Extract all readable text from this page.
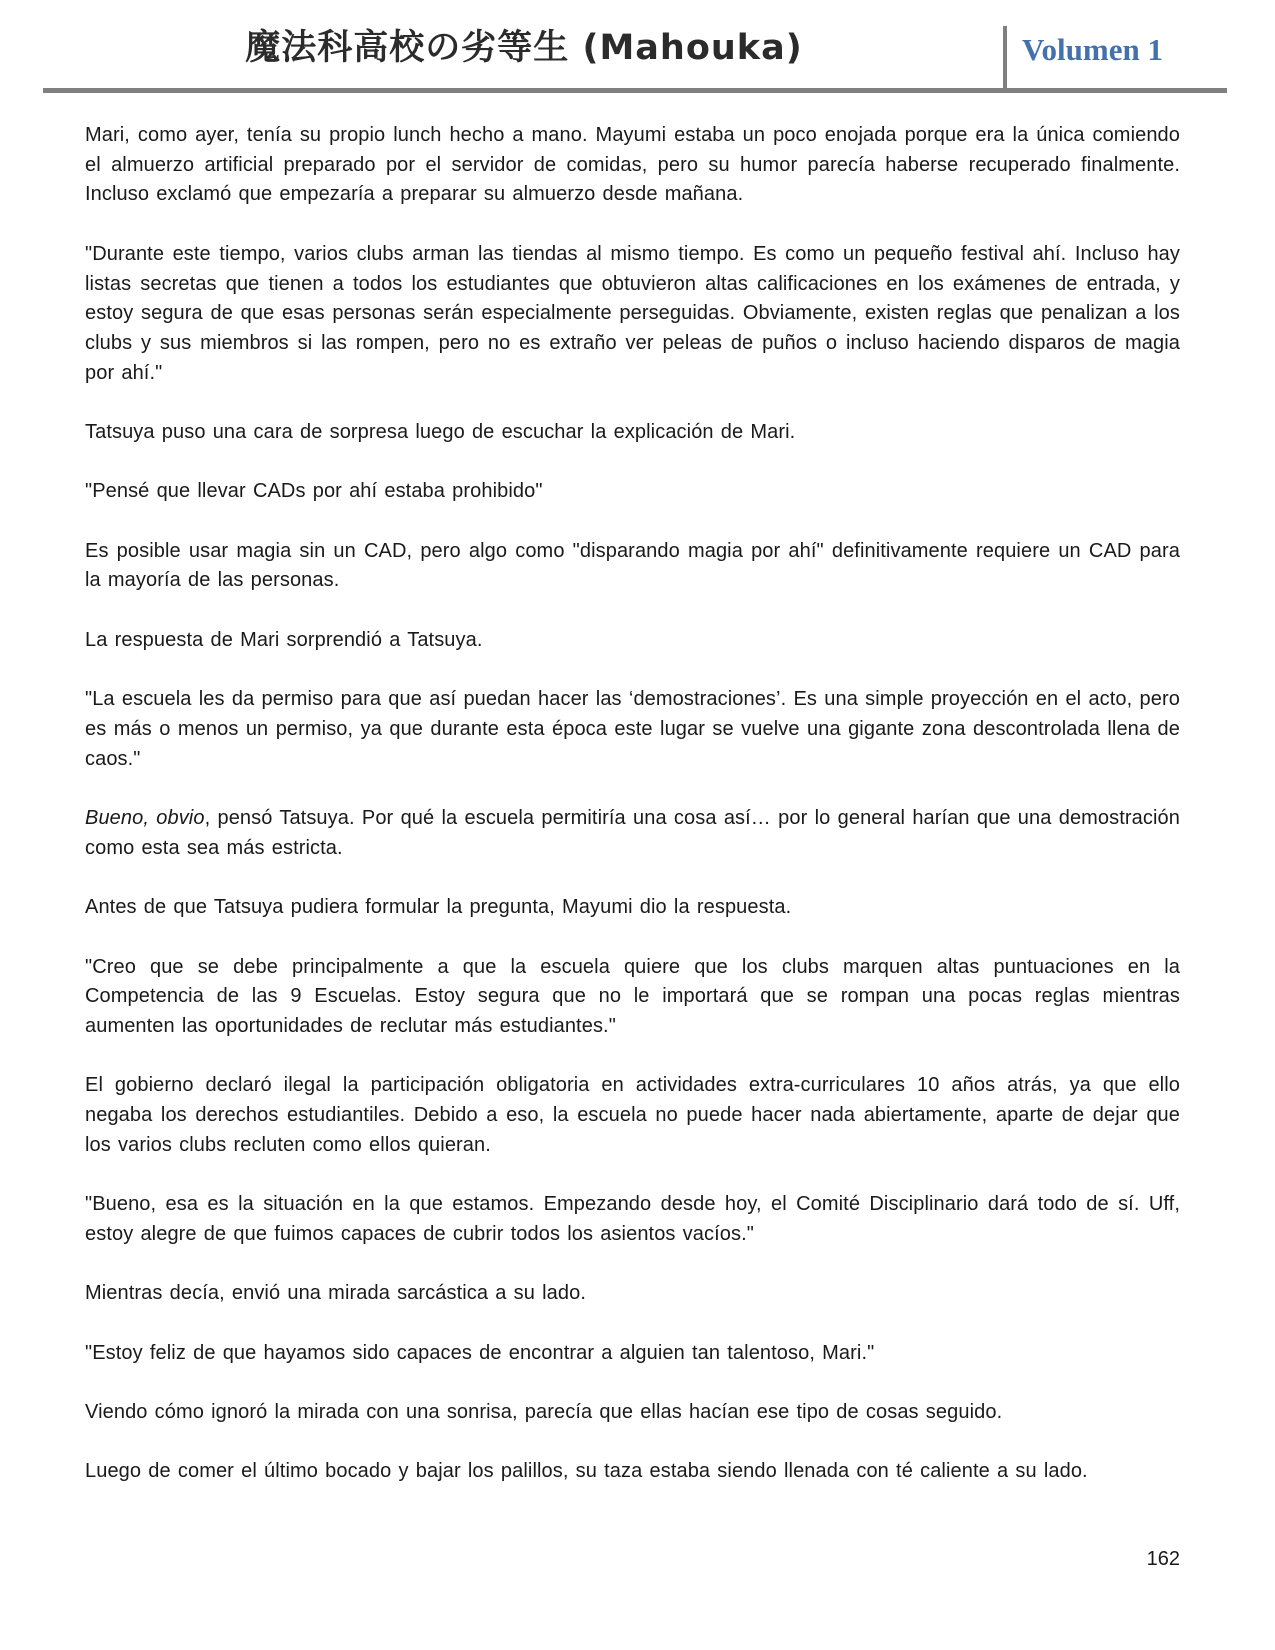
魔法科高校の劣等生 (Mahouka)	Volumen 1

Mari, como ayer, tenía su propio lunch hecho a mano. Mayumi estaba un poco enojada porque era la única comiendo el almuerzo artificial preparado por el servidor de comidas, pero su humor parecía haberse recuperado finalmente. Incluso exclamó que empezaría a preparar su almuerzo desde mañana.

"Durante este tiempo, varios clubs arman las tiendas al mismo tiempo. Es como un pequeño festival ahí. Incluso hay listas secretas que tienen a todos los estudiantes que obtuvieron altas calificaciones en los exámenes de entrada, y estoy segura de que esas personas serán especialmente perseguidas. Obviamente, existen reglas que penalizan a los clubs y sus miembros si las rompen, pero no es extraño ver peleas de puños o incluso haciendo disparos de magia por ahí."

Tatsuya puso una cara de sorpresa luego de escuchar la explicación de Mari.

"Pensé que llevar CADs por ahí estaba prohibido"

Es posible usar magia sin un CAD, pero algo como "disparando magia por ahí" definitivamente requiere un CAD para la mayoría de las personas.

La respuesta de Mari sorprendió a Tatsuya.

"La escuela les da permiso para que así puedan hacer las ‘demostraciones’. Es una simple proyección en el acto, pero es más o menos un permiso, ya que durante esta época este lugar se vuelve una gigante zona descontrolada llena de caos."

Bueno, obvio, pensó Tatsuya. Por qué la escuela permitiría una cosa así… por lo general harían que una demostración como esta sea más estricta.

Antes de que Tatsuya pudiera formular la pregunta, Mayumi dio la respuesta.

"Creo que se debe principalmente a que la escuela quiere que los clubs marquen altas puntuaciones en la Competencia de las 9 Escuelas. Estoy segura que no le importará que se rompan una pocas reglas mientras aumenten las oportunidades de reclutar más estudiantes."

El gobierno declaró ilegal la participación obligatoria en actividades extra-curriculares 10 años atrás, ya que ello negaba los derechos estudiantiles. Debido a eso, la escuela no puede hacer nada abiertamente, aparte de dejar que los varios clubs recluten como ellos quieran.

"Bueno, esa es la situación en la que estamos. Empezando desde hoy, el Comité Disciplinario dará todo de sí. Uff, estoy alegre de que fuimos capaces de cubrir todos los asientos vacíos."

Mientras decía, envió una mirada sarcástica a su lado.

"Estoy feliz de que hayamos sido capaces de encontrar a alguien tan talentoso, Mari."

Viendo cómo ignoró la mirada con una sonrisa, parecía que ellas hacían ese tipo de cosas seguido.

Luego de comer el último bocado y bajar los palillos, su taza estaba siendo llenada con té caliente a su lado.

162
